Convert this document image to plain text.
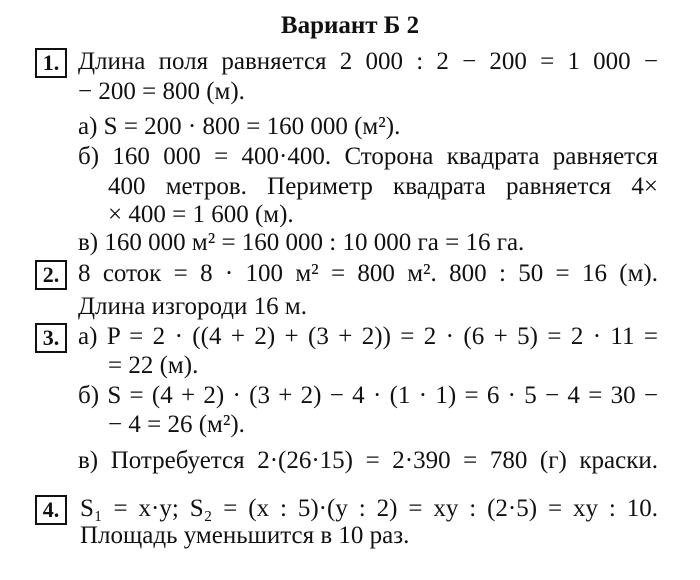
Вариант Б 2
1. Длина поля равняется 2 000 : 2 − 200 = 1 000 −
− 200 = 800 (м).
а) S = 200 · 800 = 160 000 (м²).
б) 160 000 = 400·400. Сторона квадрата равняется
400 метров. Периметр квадрата равняется 4×
× 400 = 1 600 (м).
в) 160 000 м² = 160 000 : 10 000 га = 16 га.
2. 8 соток = 8 · 100 м² = 800 м². 800 : 50 = 16 (м).
Длина изгороди 16 м.
3. а) P = 2 · ((4 + 2) + (3 + 2)) = 2 · (6 + 5) = 2 · 11 =
= 22 (м).
б) S = (4 + 2) · (3 + 2) − 4 · (1 · 1) = 6 · 5 − 4 = 30 −
− 4 = 26 (м²).
в) Потребуется 2·(26·15) = 2·390 = 780 (г) краски.
4. S₁ = x·y; S₂ = (x : 5)·(y : 2) = xy : (2·5) = xy : 10.
Площадь уменьшится в 10 раз.
